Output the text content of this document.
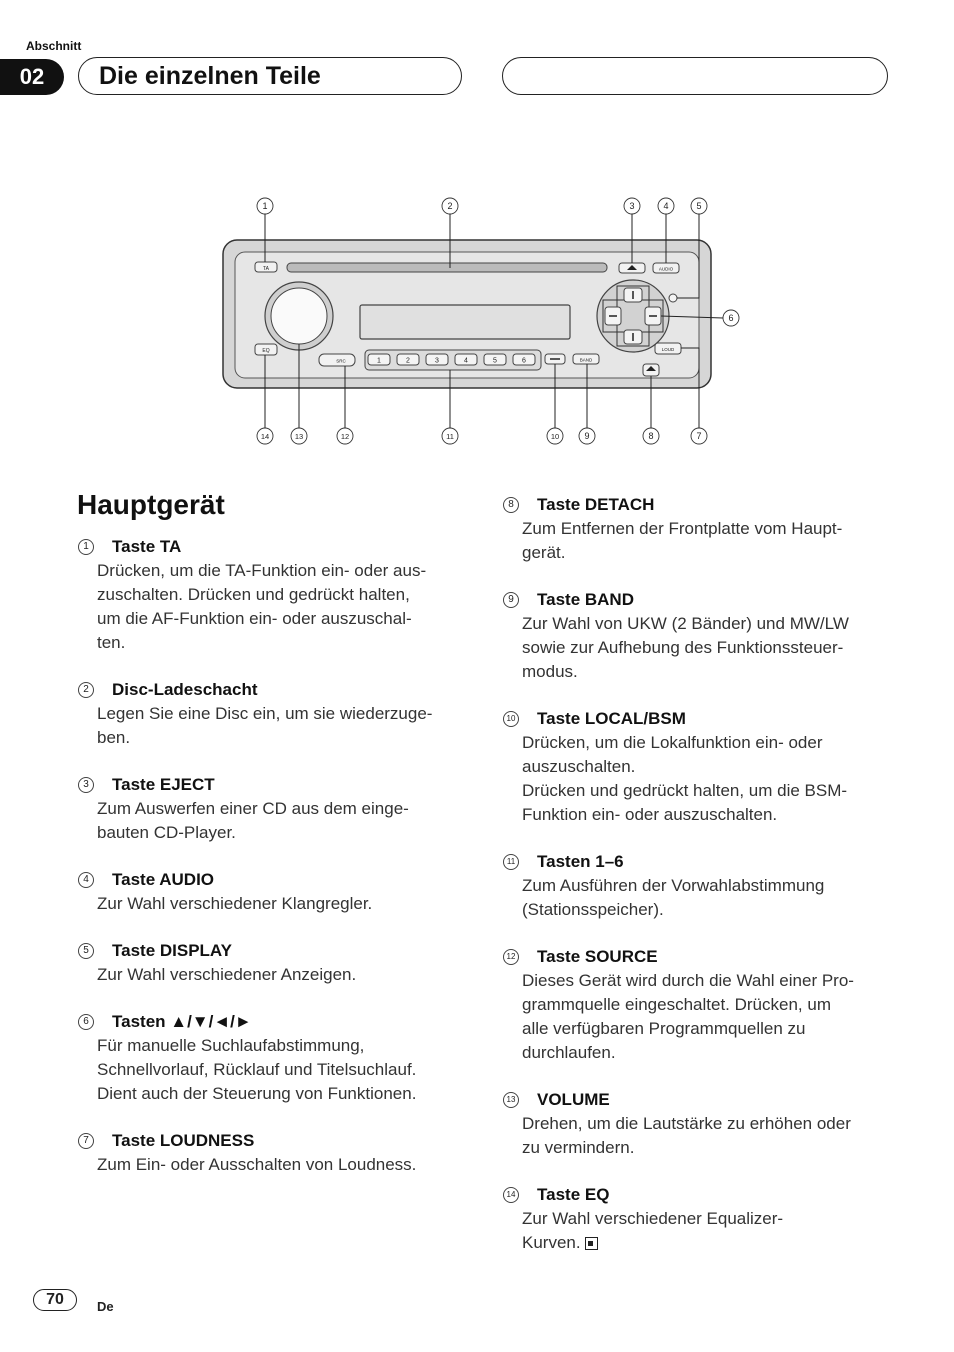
Abschnitt
02	Die einzelnen Teile
1	2	3	4	5
6
14	13	12	11	10	9	8	7
TA	AUDIO
EQ
SRC	1	2	3	4	5	6	BAND
LOUD
Hauptgerät
1	Taste TA
Drücken, um die TA-Funktion ein- oder aus-
zuschalten. Drücken und gedrückt halten,
um die AF-Funktion ein- oder auszuschal-
ten.
2	Disc-Ladeschacht
Legen Sie eine Disc ein, um sie wiederzuge-
ben.
3	Taste EJECT
Zum Auswerfen einer CD aus dem einge-
bauten CD-Player.
4	Taste AUDIO
Zur Wahl verschiedener Klangregler.
5	Taste DISPLAY
Zur Wahl verschiedener Anzeigen.
6	Tasten ▲/▼/◄/►
Für manuelle Suchlaufabstimmung,
Schnellvorlauf, Rücklauf und Titelsuchlauf.
Dient auch der Steuerung von Funktionen.
7	Taste LOUDNESS
Zum Ein- oder Ausschalten von Loudness.
8	Taste DETACH
Zum Entfernen der Frontplatte vom Haupt-
gerät.
9	Taste BAND
Zur Wahl von UKW (2 Bänder) und MW/LW
sowie zur Aufhebung des Funktionssteuer-
modus.
10 Taste LOCAL/BSM
Drücken, um die Lokalfunktion ein- oder
auszuschalten.
Drücken und gedrückt halten, um die BSM-
Funktion ein- oder auszuschalten.
11 Tasten 1–6
Zum Ausführen der Vorwahlabstimmung
(Stationsspeicher).
12 Taste SOURCE
Dieses Gerät wird durch die Wahl einer Pro-
grammquelle eingeschaltet. Drücken, um
alle verfügbaren Programmquellen zu
durchlaufen.
13 VOLUME
Drehen, um die Lautstärke zu erhöhen oder
zu vermindern.
14 Taste EQ
Zur Wahl verschiedener Equalizer-
Kurven.
70	De
